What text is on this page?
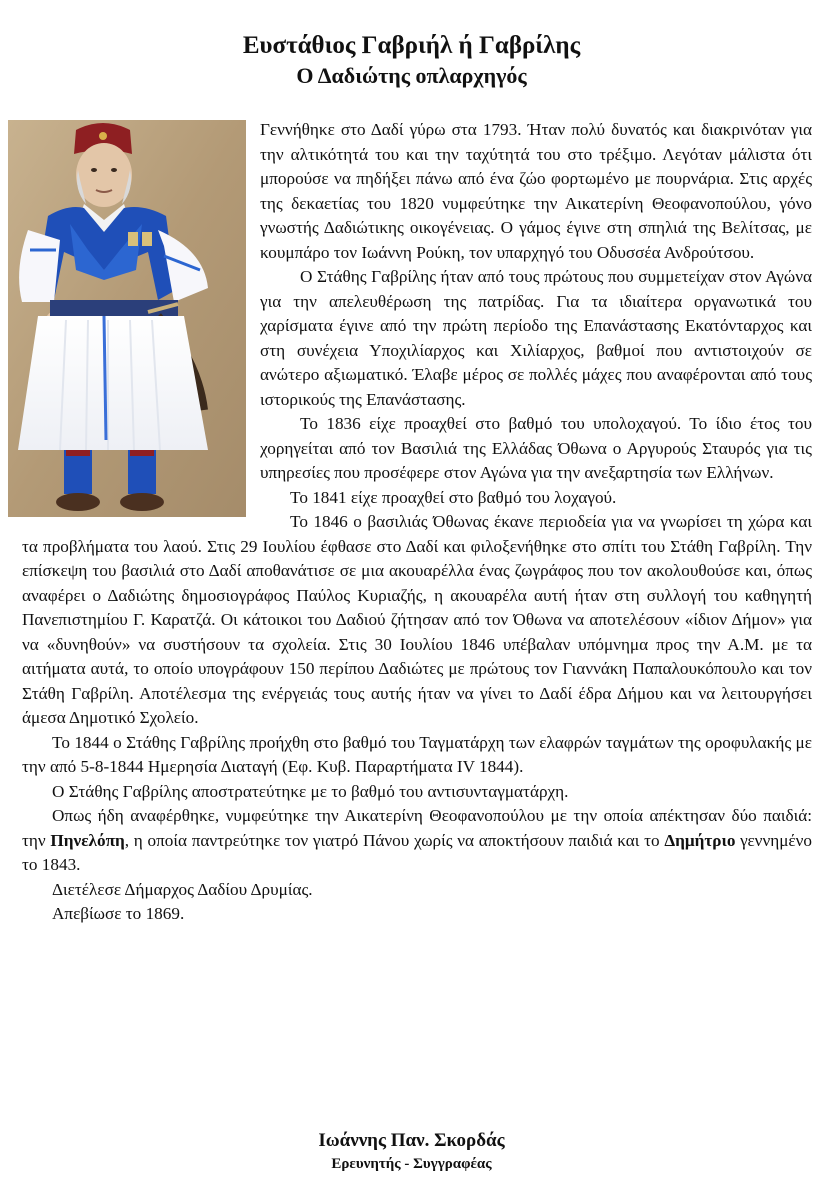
Ευστάθιος Γαβριήλ ή Γαβρίλης
Ο Δαδιώτης οπλαρχηγός

Γεννήθηκε στο Δαδί γύρω στα 1793. Ήταν πολύ δυνατός και διακρινόταν για την αλτικότητά του και την ταχύτητά του στο τρέξιμο. Λεγόταν μάλιστα ότι μπορούσε να πηδήξει πάνω από ένα ζώο φορτωμένο με πουρνάρια. Στις αρχές της δεκαετίας του 1820 νυμφεύτηκε την Αικατερίνη Θεοφανοπούλου, γόνο γνωστής Δαδιώτικης οικογένειας. Ο γάμος έγινε στη σπηλιά της Βελίτσας, με κουμπάρο τον Ιωάννη Ρούκη, τον υπαρχηγό του Οδυσσέα Ανδρούτσου.

Ο Στάθης Γαβρίλης ήταν από τους πρώτους που συμμετείχαν στον Αγώνα για την απελευθέρωση της πατρίδας. Για τα ιδιαίτερα οργανωτικά του χαρίσματα έγινε από την πρώτη περίοδο της Επανάστασης Εκατόνταρχος και στη συνέχεια Υποχιλίαρχος και Χιλίαρχος, βαθμοί που αντιστοιχούν σε ανώτερο αξιωματικό. Έλαβε μέρος σε πολλές μάχες που αναφέρονται από τους ιστορικούς της Επανάστασης.

Το 1836 είχε προαχθεί στο βαθμό του υπολοχαγού. Το ίδιο έτος του χορηγείται από τον Βασιλιά της Ελλάδας Όθωνα ο Αργυρούς Σταυρός για τις υπηρεσίες που προσέφερε στον Αγώνα για την ανεξαρτησία των Ελλήνων.

Το 1841 είχε προαχθεί στο βαθμό του λοχαγού.

Το 1846 ο βασιλιάς Όθωνας έκανε περιοδεία για να γνωρίσει τη χώρα και τα προβλήματα του λαού. Στις 29 Ιουλίου έφθασε στο Δαδί και φιλοξενήθηκε στο σπίτι του Στάθη Γαβρίλη. Την επίσκεψη του βασιλιά στο Δαδί αποθανάτισε σε μια ακουαρέλλα ένας ζωγράφος που τον ακολουθούσε και, όπως αναφέρει ο Δαδιώτης δημοσιογράφος Παύλος Κυριαζής, η ακουαρέλα αυτή ήταν στη συλλογή του καθηγητή Πανεπιστημίου Γ. Καρατζά. Οι κάτοικοι του Δαδιού ζήτησαν από τον Όθωνα να αποτελέσουν «ίδιον Δήμον» για να «δυνηθούν» να συστήσουν τα σχολεία. Στις 30 Ιουλίου 1846 υπέβαλαν υπόμνημα προς την Α.Μ. με τα αιτήματα αυτά, το οποίο υπογράφουν 150 περίπου Δαδιώτες με πρώτους τον Γιαννάκη Παπαλουκόπουλο και τον Στάθη Γαβρίλη. Αποτέλεσμα της ενέργειάς τους αυτής ήταν να γίνει το Δαδί έδρα Δήμου και να λειτουργήσει άμεσα Δημοτικό Σχολείο.

Το 1844 ο Στάθης Γαβρίλης προήχθη στο βαθμό του Ταγματάρχη των ελαφρών ταγμάτων της οροφυλακής με την από 5-8-1844 Ημερησία Διαταγή (Εφ. Κυβ. Παραρτήματα IV 1844).

Ο Στάθης Γαβρίλης αποστρατεύτηκε με το βαθμό του αντισυνταγματάρχη.

Οπως ήδη αναφέρθηκε, νυμφεύτηκε την Αικατερίνη Θεοφανοπούλου με την οποία απέκτησαν δύο παιδιά: την Πηνελόπη, η οποία παντρεύτηκε τον γιατρό Πάνου χωρίς να αποκτήσουν παιδιά και το Δημήτριο γεννημένο το 1843.

Διετέλεσε Δήμαρχος Δαδίου Δρυμίας.

Απεβίωσε το 1869.

Ιωάννης Παν. Σκορδάς
Ερευνητής - Συγγραφέας
